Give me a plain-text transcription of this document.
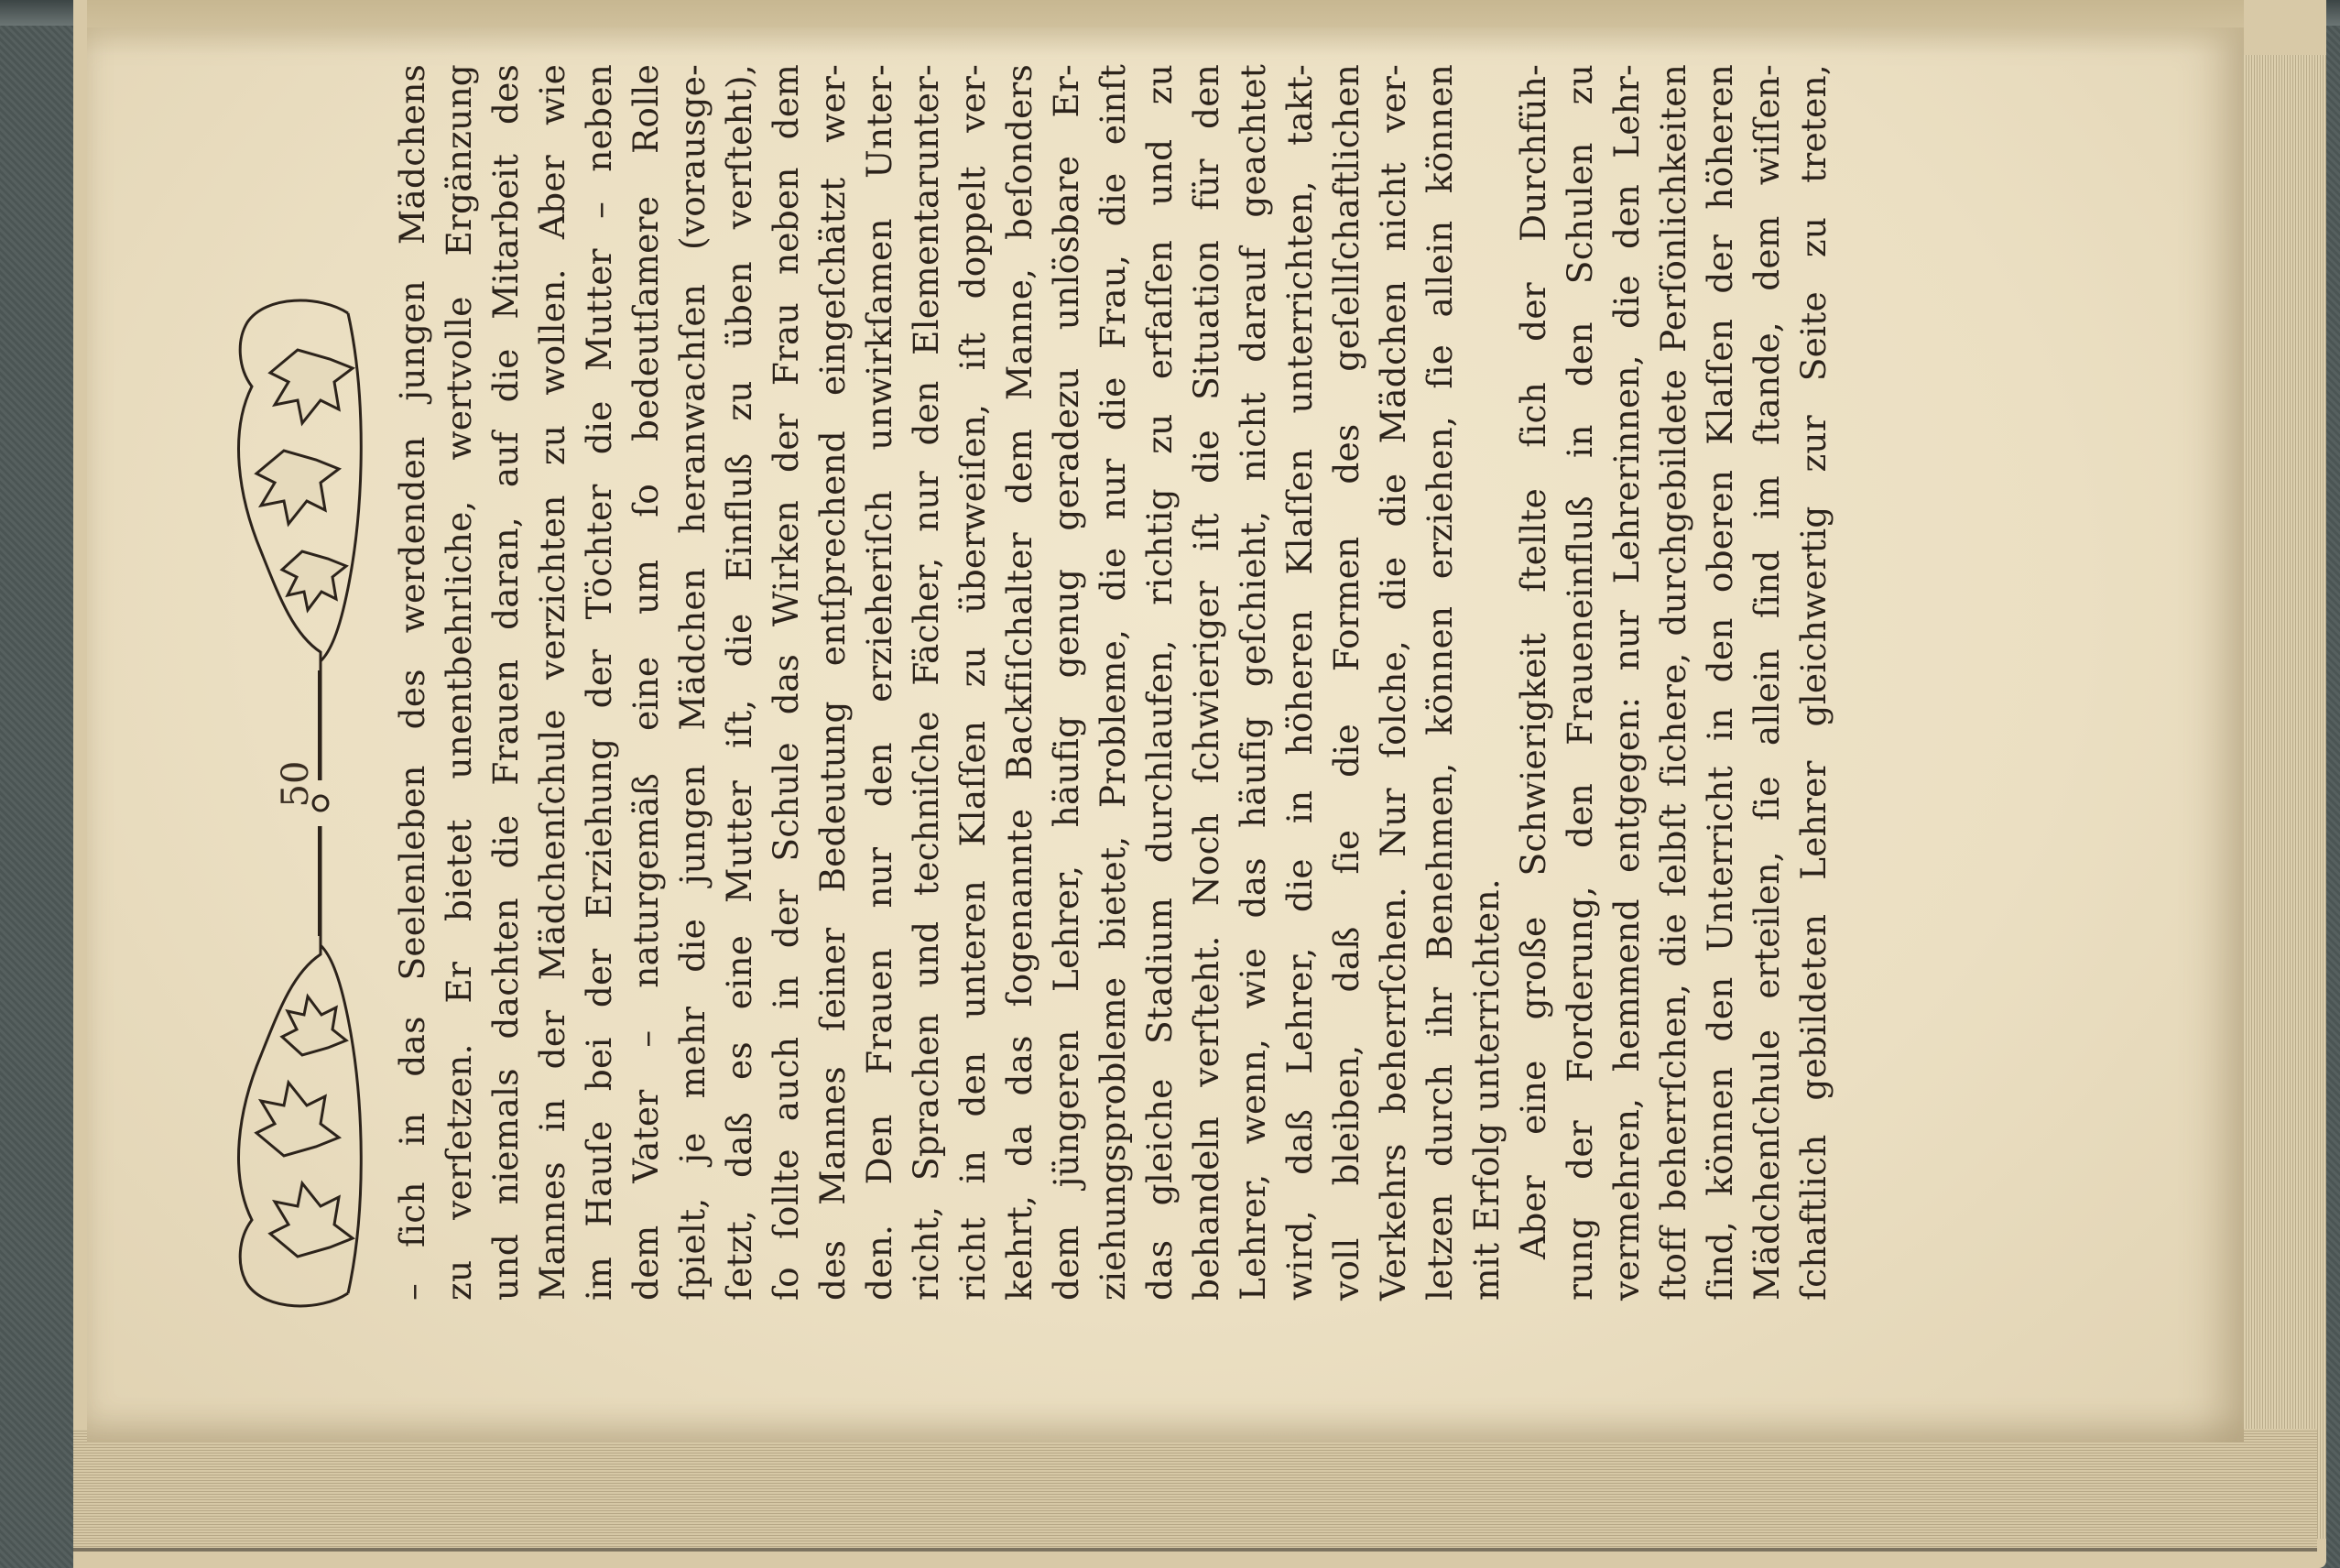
50 – ſich in das Seelenleben des werdenden jungen Mädchens zu verſetzen. Er bietet unentbehrliche, wertvolle Ergänzung und niemals dachten die Frauen daran, auf die Mitarbeit des Mannes in der Mädchenſchule verzichten zu wollen. Aber wie im Hauſe bei der Erziehung der Töchter die Mutter – neben dem Vater – naturgemäß eine um ſo bedeutſamere Rolle ſpielt, je mehr die jungen Mädchen heranwachſen (vorausge- ſetzt, daß es eine Mutter iſt, die Einfluß zu üben verſteht), ſo ſollte auch in der Schule das Wirken der Frau neben dem des Mannes ſeiner Bedeutung entſprechend eingeſchätzt wer- den. Den Frauen nur den erzieheriſch unwirkſamen Unter- richt, Sprachen und techniſche Fächer, nur den Elementarunter- richt in den unteren Klaſſen zu überweiſen, iſt doppelt ver- kehrt, da das ſogenannte Backfiſchalter dem Manne, beſonders dem jüngeren Lehrer, häufig genug geradezu unlösbare Er- ziehungsprobleme bietet, Probleme, die nur die Frau, die einſt das gleiche Stadium durchlaufen, richtig zu erfaſſen und zu behandeln verſteht. Noch ſchwieriger iſt die Situation für den Lehrer, wenn, wie das häufig geſchieht, nicht darauf geachtet wird, daß Lehrer, die in höheren Klaſſen unterrichten, takt- voll bleiben, daß ſie die Formen des geſellſchaftlichen Verkehrs beherrſchen. Nur ſolche, die die Mädchen nicht ver- letzen durch ihr Benehmen, können erziehen, ſie allein können mit Erfolg unterrichten. Aber eine große Schwierigkeit ſtellte ſich der Durchfüh- rung der Forderung, den Fraueneinfluß in den Schulen zu vermehren, hemmend entgegen: nur Lehrerinnen, die den Lehr- ſtoff beherrſchen, die ſelbſt ſichere, durchgebildete Perſönlichkeiten ſind, können den Unterricht in den oberen Klaſſen der höheren Mädchenſchule erteilen, ſie allein ſind im ſtande, dem wiſſen- ſchaftlich gebildeten Lehrer gleichwertig zur Seite zu treten,
